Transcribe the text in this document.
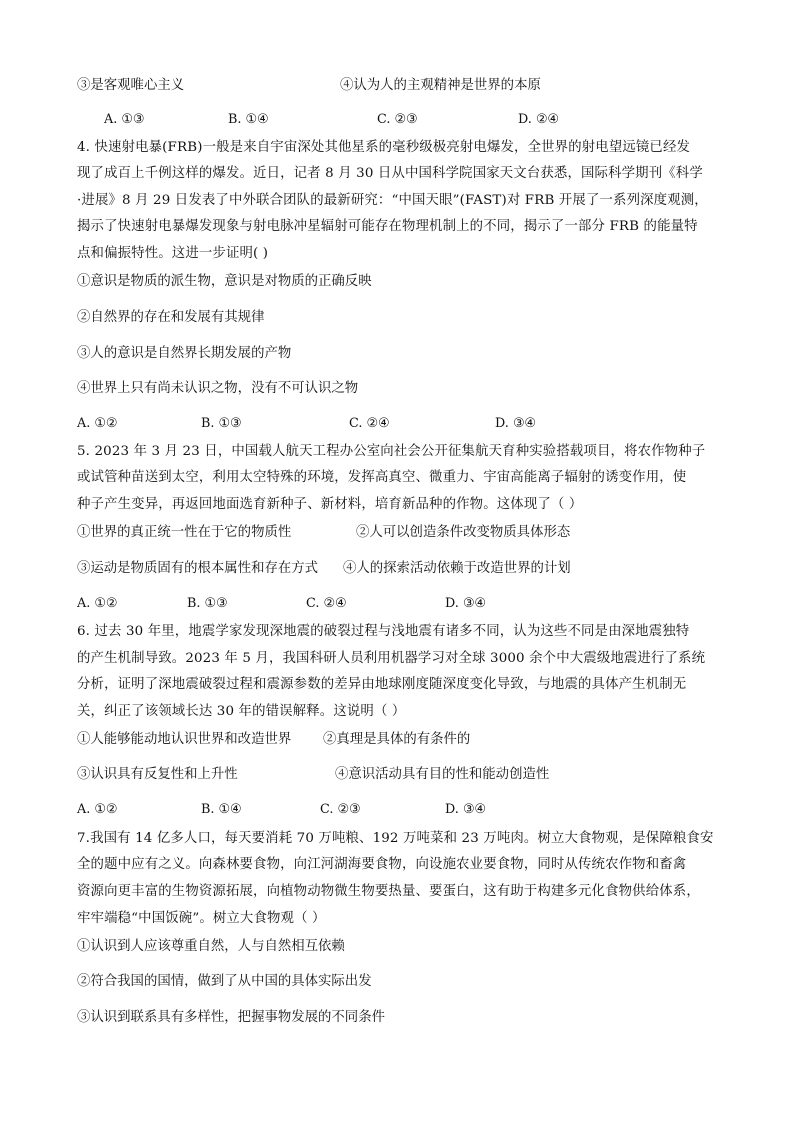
③是客观唯心主义	④认为人的主观精神是世界的本原
A. ①③	B. ①④	C. ②③	D. ②④
4. 快速射电暴(FRB)一般是来自宇宙深处其他星系的毫秒级极亮射电爆发，全世界的射电望远镜已经发
现了成百上千例这样的爆发。近日，记者 8 月 30 日从中国科学院国家天文台获悉，国际科学期刊《科学
·进展》8 月 29 日发表了中外联合团队的最新研究：“中国天眼”(FAST)对 FRB 开展了一系列深度观测，
揭示了快速射电暴爆发现象与射电脉冲星辐射可能存在物理机制上的不同，揭示了一部分 FRB 的能量特
点和偏振特性。这进一步证明( )
①意识是物质的派生物，意识是对物质的正确反映
②自然界的存在和发展有其规律
③人的意识是自然界长期发展的产物
④世界上只有尚未认识之物，没有不可认识之物
A. ①②	B. ①③	C. ②④	D. ③④
5. 2023 年 3 月 23 日，中国载人航天工程办公室向社会公开征集航天育种实验搭载项目，将农作物种子
或试管种苗送到太空，利用太空特殊的环境，发挥高真空、微重力、宇宙高能离子辐射的诱变作用，使
种子产生变异，再返回地面选育新种子、新材料，培育新品种的作物。这体现了（ ）
①世界的真正统一性在于它的物质性	②人可以创造条件改变物质具体形态
③运动是物质固有的根本属性和存在方式 ④人的探索活动依赖于改造世界的计划
A. ①②	B. ①③	C. ②④	D. ③④
6. 过去 30 年里，地震学家发现深地震的破裂过程与浅地震有诸多不同，认为这些不同是由深地震独特
的产生机制导致。2023 年 5 月，我国科研人员利用机器学习对全球 3000 余个中大震级地震进行了系统
分析，证明了深地震破裂过程和震源参数的差异由地球刚度随深度变化导致，与地震的具体产生机制无
关，纠正了该领域长达 30 年的错误解释。这说明（ ）
①人能够能动地认识世界和改造世界 ②真理是具体的有条件的
③认识具有反复性和上升性	④意识活动具有目的性和能动创造性
A. ①②	B. ①④	C. ②③	D. ③④
7.我国有 14 亿多人口，每天要消耗 70 万吨粮、192 万吨菜和 23 万吨肉。树立大食物观，是保障粮食安
全的题中应有之义。向森林要食物，向江河湖海要食物，向设施农业要食物，同时从传统农作物和畜禽
资源向更丰富的生物资源拓展，向植物动物微生物要热量、要蛋白，这有助于构建多元化食物供给体系，
牢牢端稳“中国饭碗”。树立大食物观（ ）
①认识到人应该尊重自然，人与自然相互依赖
②符合我国的国情，做到了从中国的具体实际出发
③认识到联系具有多样性，把握事物发展的不同条件
